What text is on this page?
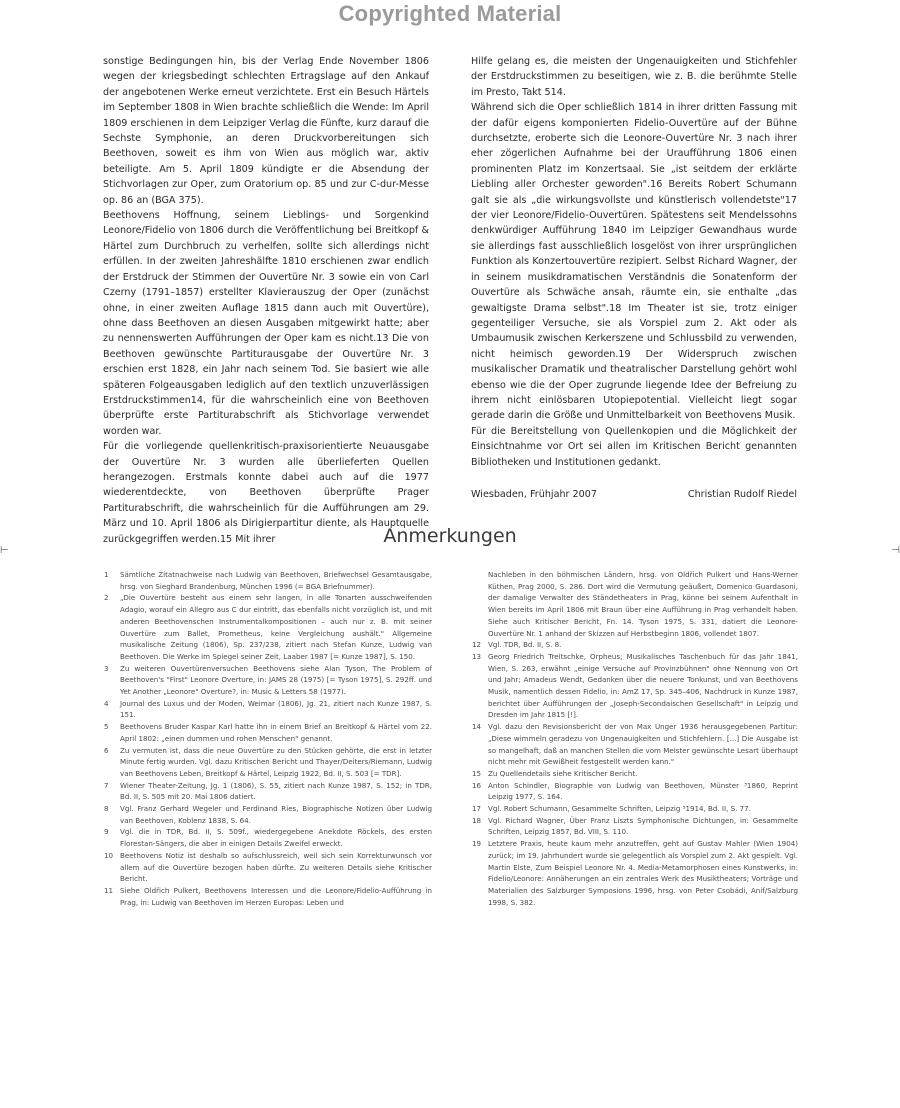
Copyrighted Material

sonstige Bedingungen hin, bis der Verlag Ende November 1806 wegen der kriegsbedingt schlechten Ertragslage auf den Ankauf der angebotenen Werke erneut verzichtete. Erst ein Besuch Härtels im September 1808 in Wien brachte schließlich die Wende: Im April 1809 erschienen in dem Leipziger Verlag die Fünfte, kurz darauf die Sechste Symphonie, an deren Druckvorbereitungen sich Beethoven, soweit es ihm von Wien aus möglich war, aktiv beteiligte. Am 5. April 1809 kündigte er die Absendung der Stichvorlagen zur Oper, zum Oratorium op. 85 und zur C-dur-Messe op. 86 an (BGA 375).

Beethovens Hoffnung, seinem Lieblings- und Sorgenkind Leonore/Fidelio von 1806 durch die Veröffentlichung bei Breitkopf & Härtel zum Durchbruch zu verhelfen, sollte sich allerdings nicht erfüllen. In der zweiten Jahreshälfte 1810 erschienen zwar endlich der Erstdruck der Stimmen der Ouvertüre Nr. 3 sowie ein von Carl Czerny (1791–1857) erstellter Klavierauszug der Oper (zunächst ohne, in einer zweiten Auflage 1815 dann auch mit Ouvertüre), ohne dass Beethoven an diesen Ausgaben mitgewirkt hatte; aber zu nennenswerten Aufführungen der Oper kam es nicht.13 Die von Beethoven gewünschte Partiturausgabe der Ouvertüre Nr. 3 erschien erst 1828, ein Jahr nach seinem Tod. Sie basiert wie alle späteren Folgeausgaben lediglich auf den textlich unzuverlässigen Erstdruckstimmen14, für die wahrscheinlich eine von Beethoven überprüfte erste Partiturabschrift als Stichvorlage verwendet worden war.

Für die vorliegende quellenkritisch-praxisorientierte Neuausgabe der Ouvertüre Nr. 3 wurden alle überlieferten Quellen herangezogen. Erstmals konnte dabei auch auf die 1977 wiederentdeckte, von Beethoven überprüfte Prager Partiturabschrift, die wahrscheinlich für die Aufführungen am 29. März und 10. April 1806 als Dirigierpartitur diente, als Hauptquelle zurückgegriffen werden.15 Mit ihrer

Hilfe gelang es, die meisten der Ungenauigkeiten und Stichfehler der Erstdruckstimmen zu beseitigen, wie z. B. die berühmte Stelle im Presto, Takt 514.

Während sich die Oper schließlich 1814 in ihrer dritten Fassung mit der dafür eigens komponierten Fidelio-Ouvertüre auf der Bühne durchsetzte, eroberte sich die Leonore-Ouvertüre Nr. 3 nach ihrer eher zögerlichen Aufnahme bei der Uraufführung 1806 einen prominenten Platz im Konzertsaal. Sie „ist seitdem der erklärte Liebling aller Orchester geworden".16 Bereits Robert Schumann galt sie als „die wirkungsvollste und künstlerisch vollendetste"17 der vier Leonore/Fidelio-Ouvertüren. Spätestens seit Mendelssohns denkwürdiger Aufführung 1840 im Leipziger Gewandhaus wurde sie allerdings fast ausschließlich losgelöst von ihrer ursprünglichen Funktion als Konzertouvertüre rezipiert. Selbst Richard Wagner, der in seinem musikdramatischen Verständnis die Sonatenform der Ouvertüre als Schwäche ansah, räumte ein, sie enthalte „das gewaltigste Drama selbst".18 Im Theater ist sie, trotz einiger gegenteiliger Versuche, sie als Vorspiel zum 2. Akt oder als Umbaumusik zwischen Kerkerszene und Schlussbild zu verwenden, nicht heimisch geworden.19 Der Widerspruch zwischen musikalischer Dramatik und theatralischer Darstellung gehört wohl ebenso wie die der Oper zugrunde liegende Idee der Befreiung zu ihrem nicht einlösbaren Utopiepotential. Vielleicht liegt sogar gerade darin die Größe und Unmittelbarkeit von Beethovens Musik.

Für die Bereitstellung von Quellenkopien und die Möglichkeit der Einsichtnahme vor Ort sei allen im Kritischen Bericht genannten Bibliotheken und Institutionen gedankt.

Wiesbaden, Frühjahr 2007	Christian Rudolf Riedel
⊢	⊣
Anmerkungen
1	Sämtliche Zitatnachweise nach Ludwig van Beethoven, Briefwechsel Gesamtausgabe, hrsg. von Sieghard Brandenburg, München 1996 (= BGA Briefnummer).
2	„Die Ouvertüre besteht aus einem sehr langen, in alle Tonarten ausschweifenden Adagio, worauf ein Allegro aus C dur eintritt, das ebenfalls nicht vorzüglich ist, und mit anderen Beethovenschen Instrumentalkompositionen – auch nur z. B. mit seiner Ouvertüre zum Ballet, Prometheus, keine Vergleichung aushält." Allgemeine musikalische Zeitung (1806), Sp. 237/238, zitiert nach Stefan Kunze, Ludwig van Beethoven. Die Werke im Spiegel seiner Zeit, Laaber 1987 [= Kunze 1987], S. 150.
3	Zu weiteren Ouvertürenversuchen Beethovens siehe Alan Tyson, The Problem of Beethoven's "First" Leonore Overture, in: JAMS 28 (1975) [= Tyson 1975], S. 292ff. und Yet Another „Leonore" Overture?, in: Music & Letters 58 (1977).
4	Journal des Luxus und der Moden, Weimar (1806), Jg. 21, zitiert nach Kunze 1987, S. 151.
5	Beethovens Bruder Kaspar Karl hatte ihn in einem Brief an Breitkopf & Härtel vom 22. April 1802: „einen dummen und rohen Menschen" genannt.
6	Zu vermuten ist, dass die neue Ouvertüre zu den Stücken gehörte, die erst in letzter Minute fertig wurden. Vgl. dazu Kritischen Bericht und Thayer/Deiters/Riemann, Ludwig van Beethovens Leben, Breitkopf & Härtel, Leipzig 1922, Bd. II, S. 503 [= TDR].
7	Wiener Theater-Zeitung, Jg. 1 (1806), S. 55, zitiert nach Kunze 1987, S. 152; in TDR, Bd. II, S. 505 mit 20. Mai 1806 datiert.
8	Vgl. Franz Gerhard Wegeler und Ferdinand Ries, Biographische Notizen über Ludwig van Beethoven, Koblenz 1838, S. 64.
9	Vgl. die in TDR, Bd. II, S. 509f., wiedergegebene Anekdote Röckels, des ersten Florestan-Sängers, die aber in einigen Details Zweifel erweckt.
10 Beethovens Notiz ist deshalb so aufschlussreich, weil sich sein Korrekturwunsch vor allem auf die Ouvertüre bezogen haben dürfte. Zu weiteren Details siehe Kritischer Bericht.
11 Siehe Oldřich Pulkert, Beethovens Interessen und die Leonore/Fidelio-Aufführung in Prag, in: Ludwig van Beethoven im Herzen Europas: Leben und
Nachleben in den böhmischen Ländern, hrsg. von Oldřich Pulkert und Hans-Werner Küthen, Prag 2000, S. 286. Dort wird die Vermutung geäußert, Domenico Guardasoni, der damalige Verwalter des Ständetheaters in Prag, könne bei seinem Aufenthalt in Wien bereits im April 1806 mit Braun über eine Aufführung in Prag verhandelt haben. Siehe auch Kritischer Bericht, Fn. 14. Tyson 1975, S. 331, datiert die Leonore-Ouvertüre Nr. 1 anhand der Skizzen auf Herbstbeginn 1806, vollendet 1807.
12 Vgl. TDR, Bd. II, S. 8.
13 Georg Friedrich Treitschke, Orpheus; Musikalisches Taschenbuch für das Jahr 1841, Wien, S. 263, erwähnt „einige Versuche auf Provinzbühnen" ohne Nennung von Ort und Jahr; Amadeus Wendt, Gedanken über die neuere Tonkunst, und van Beethovens Musik, namentlich dessen Fidelio, in: AmZ 17, Sp. 345–406, Nachdruck in Kunze 1987, berichtet über Aufführungen der „Joseph-Secondaischen Gesellschaft" in Leipzig und Dresden im Jahr 1815 [!].
14 Vgl. dazu den Revisionsbericht der von Max Unger 1936 herausgegebenen Partitur: „Diese wimmeln geradezu von Ungenauigkeiten und Stichfehlern. [...] Die Ausgabe ist so mangelhaft, daß an manchen Stellen die vom Meister gewünschte Lesart überhaupt nicht mehr mit Gewißheit festgestellt werden kann."
15 Zu Quellendetails siehe Kritischer Bericht.
16 Anton Schindler, Biographie von Ludwig van Beethoven, Münster ³1860, Reprint Leipzig 1977, S. 164.
17 Vgl. Robert Schumann, Gesammelte Schriften, Leipzig ⁵1914, Bd. II, S. 77.
18 Vgl. Richard Wagner, Über Franz Liszts Symphonische Dichtungen, in: Gesammelte Schriften, Leipzig 1857, Bd. VIII, S. 110.
19 Letztere Praxis, heute kaum mehr anzutreffen, geht auf Gustav Mahler (Wien 1904) zurück; im 19. Jahrhundert wurde sie gelegentlich als Vorspiel zum 2. Akt gespielt. Vgl. Martin Elste, Zum Beispiel Leonore Nr. 4. Media-Metamorphosen eines Kunstwerks, in: Fidelio/Leonore: Annäherungen an ein zentrales Werk des Musiktheaters; Vorträge und Materialien des Salzburger Symposions 1996, hrsg. von Peter Csobádi, Anif/Salzburg 1998, S. 382.
